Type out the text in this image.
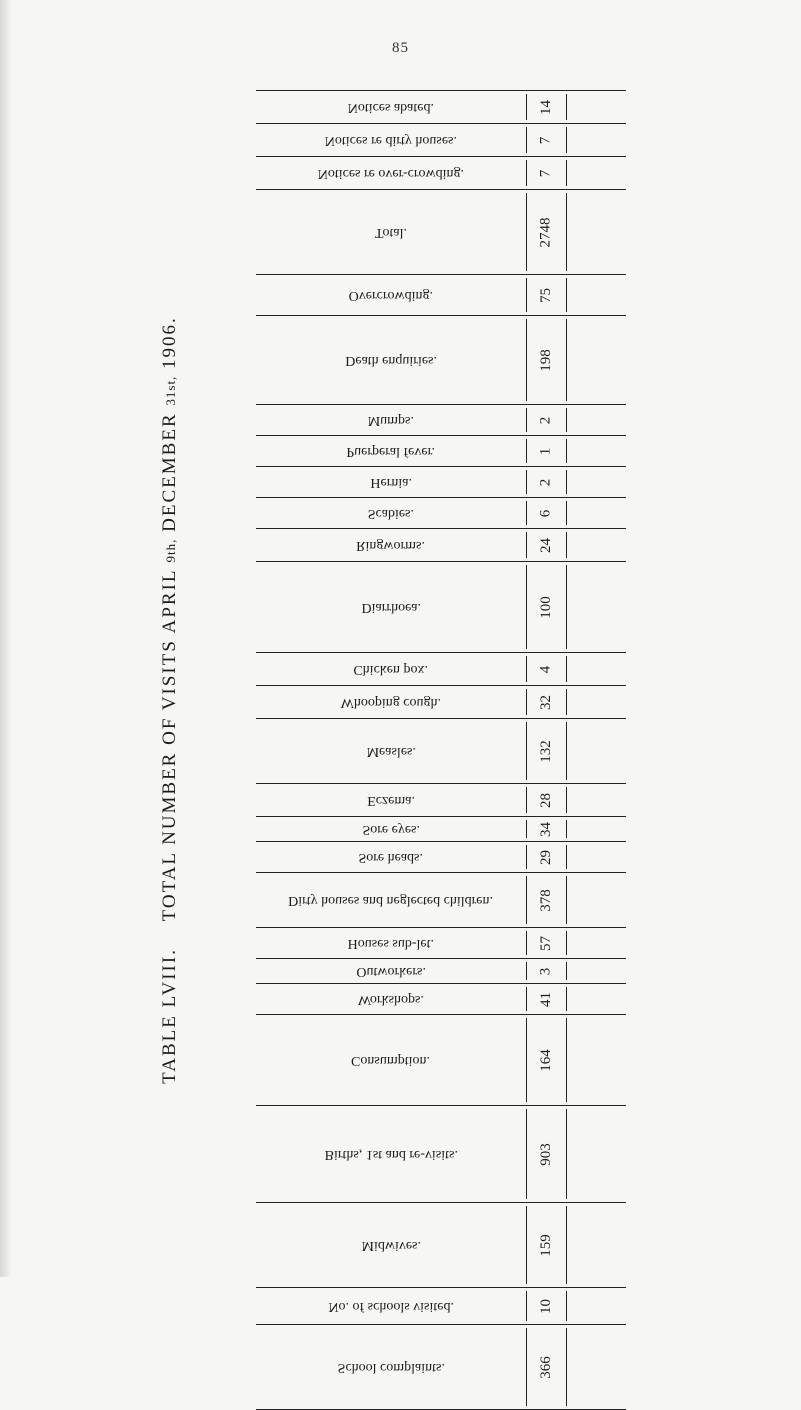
85
TABLE LVIII.    TOTAL NUMBER OF VISITS APRIL 9th, DECEMBER 31st, 1906.
Notices abated.	14
Notices re dirty houses.	7
Notices re over-crowding.	7
Total.	2748
Overcrowding.	75
Death enquiries.	198
Mumps.	2
Puerperal fever.	1
Hernia.	2
Scabies.	6
Ringworms.	24
Diarrhoea.	100
Chicken pox.	4
Whooping cough.	32
Measles.	132
Eczema.	28
Sore eyes.	34
Sore heads.	29
Dirty houses and neglected children.	378
Houses sub-let.	57
Outworkers.	3
Workshops.	41
Consumption.	164
Births, 1st and re-visits.	903
Midwives.	159
No. of schools visited.	10
School complaints.	366
